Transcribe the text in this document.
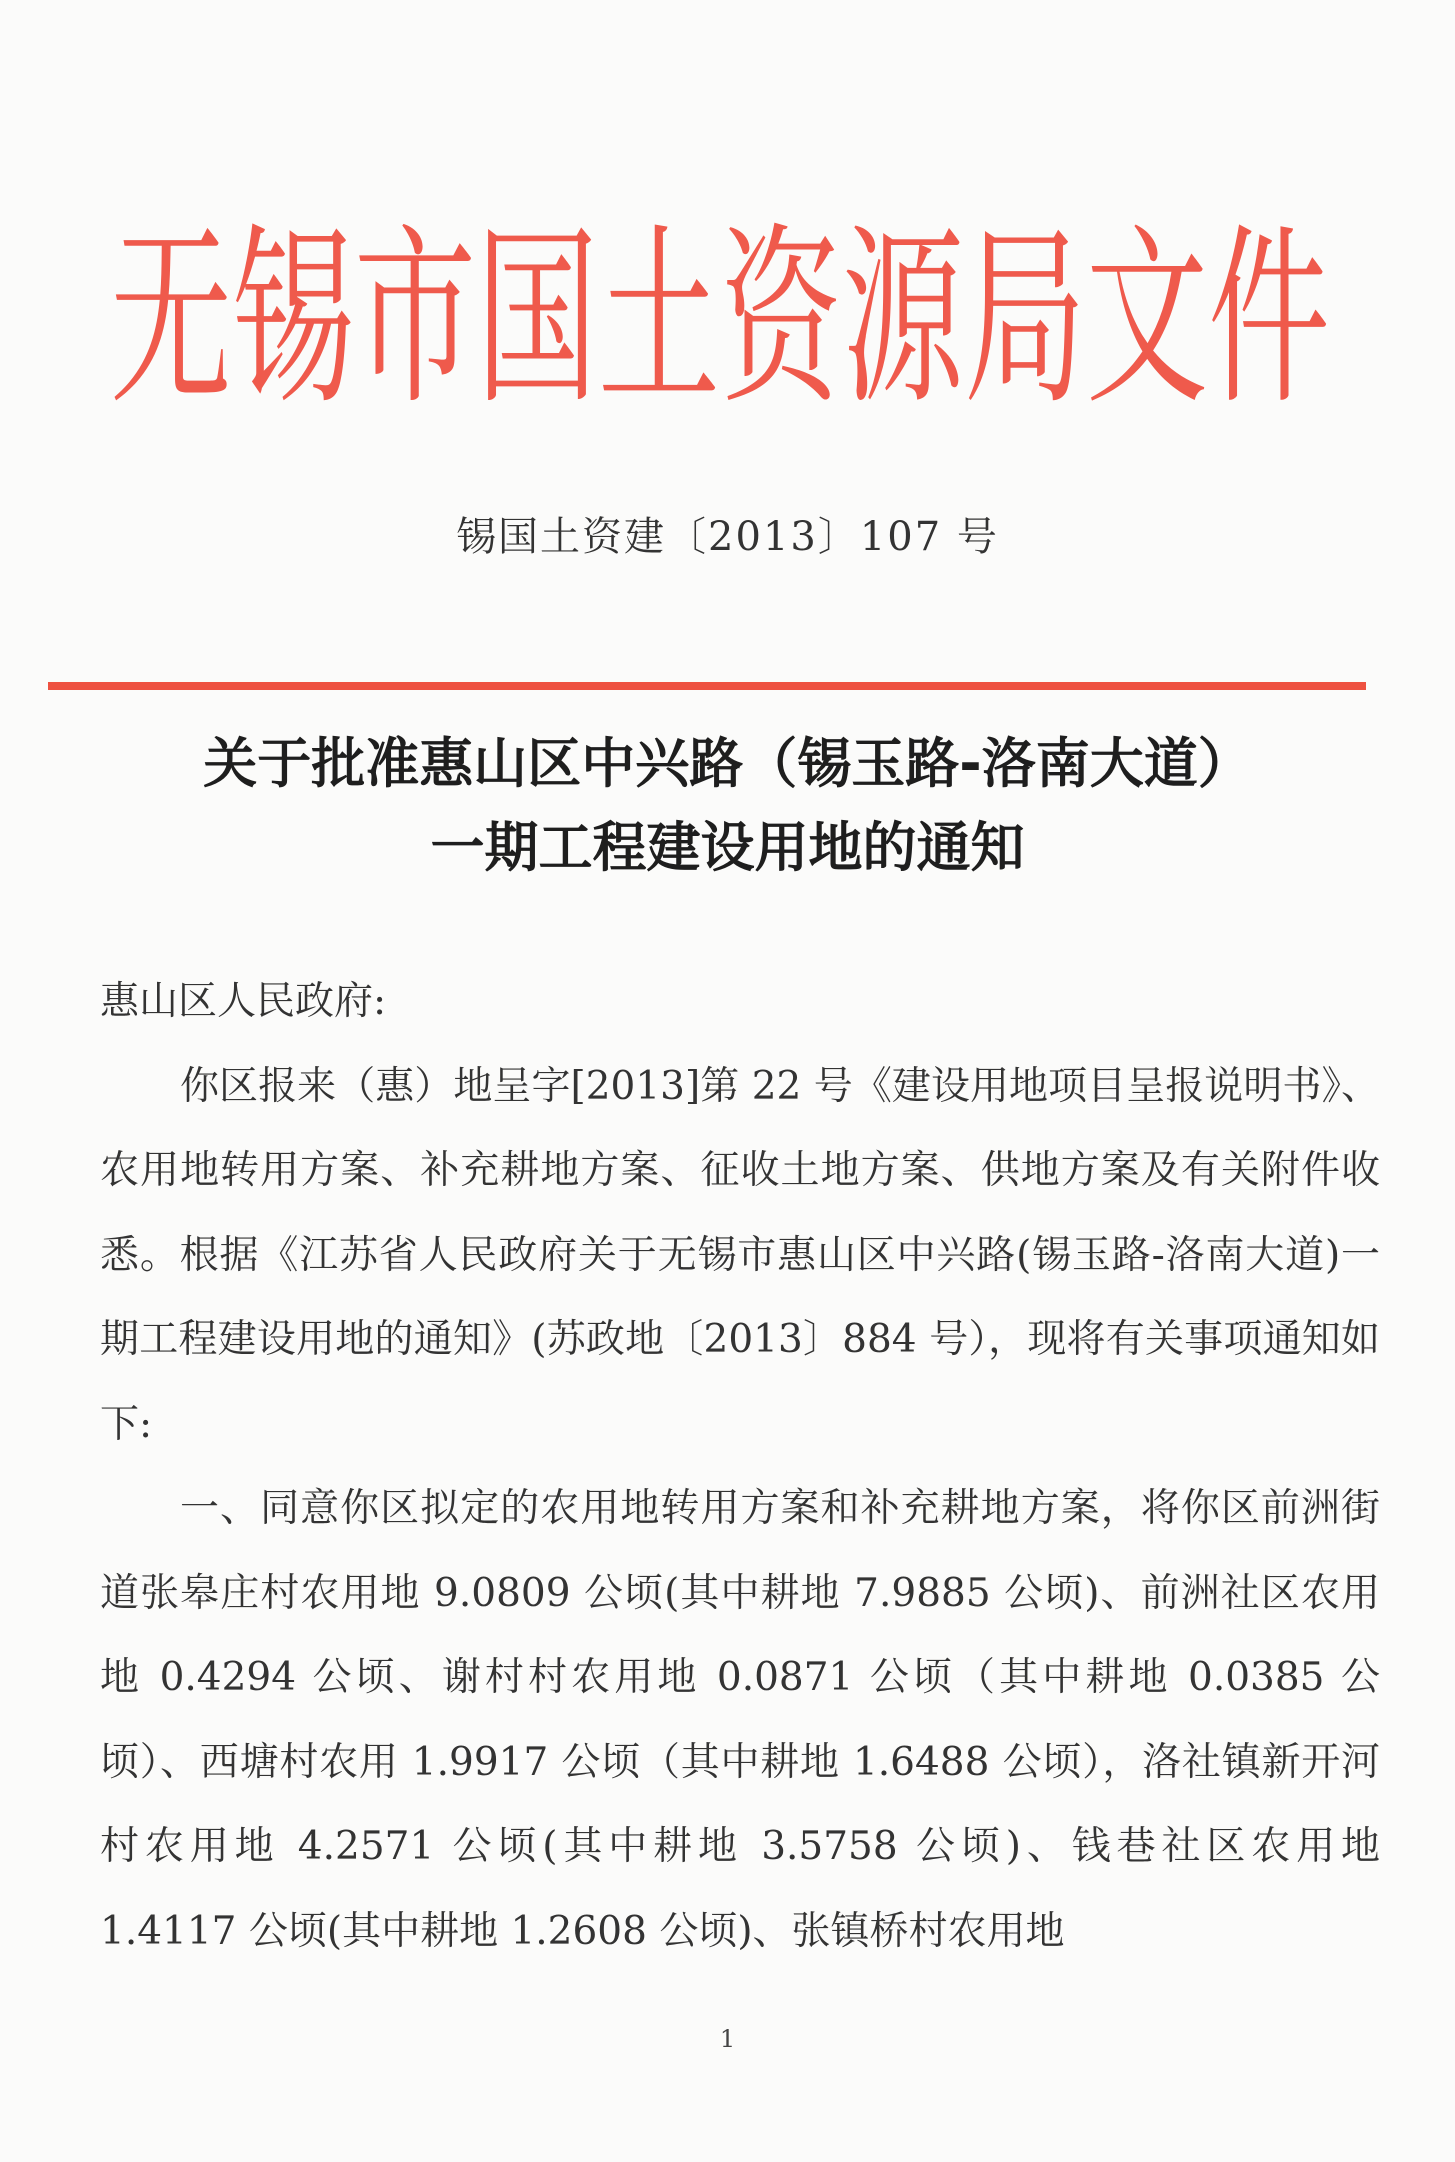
无锡市国土资源局文件
锡国土资建〔2013〕107 号
关于批准惠山区中兴路（锡玉路-洛南大道）
一期工程建设用地的通知

惠山区人民政府:

你区报来（惠）地呈字[2013]第 22 号《建设用地项目呈报说明书》、农用地转用方案、补充耕地方案、征收土地方案、供地方案及有关附件收悉。根据《江苏省人民政府关于无锡市惠山区中兴路(锡玉路-洛南大道)一期工程建设用地的通知》(苏政地〔2013〕884 号），现将有关事项通知如下:

一、同意你区拟定的农用地转用方案和补充耕地方案，将你区前洲街道张皋庄村农用地 9.0809 公顷(其中耕地 7.9885 公顷)、前洲社区农用地 0.4294 公顷、谢村村农用地 0.0871 公顷（其中耕地 0.0385 公顷）、西塘村农用 1.9917 公顷（其中耕地 1.6488 公顷），洛社镇新开河村农用地 4.2571 公顷(其中耕地 3.5758 公顷)、钱巷社区农用地 1.4117 公顷(其中耕地 1.2608 公顷)、张镇桥村农用地

1
